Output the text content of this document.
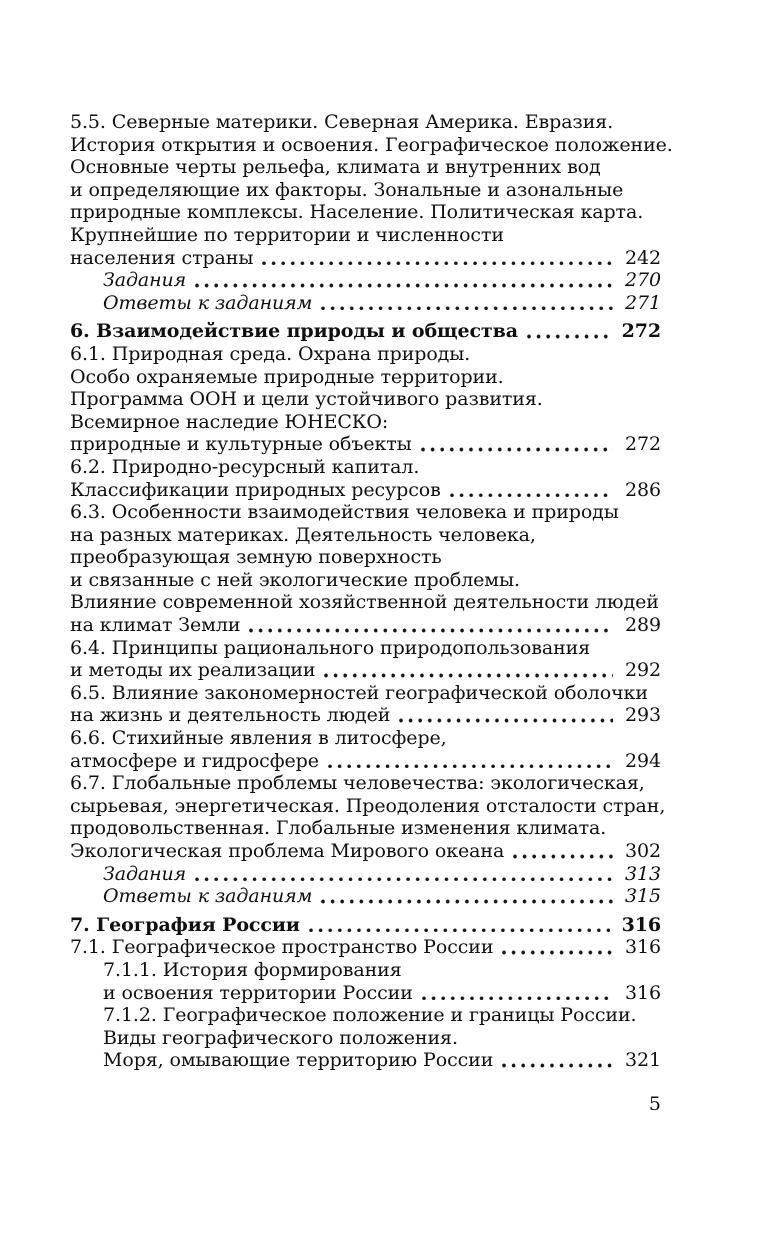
5.5. Северные материки. Северная Америка. Евразия.
История открытия и освоения. Географическое положение.
Основные черты рельефа, климата и внутренних вод
и определяющие их факторы. Зональные и азональные
природные комплексы. Население. Политическая карта.
Крупнейшие по территории и численности
населения страны	242
Задания	270
Ответы к заданиям	271
6. Взаимодействие природы и общества	272
6.1. Природная среда. Охрана природы.
Особо охраняемые природные территории.
Программа ООН и цели устойчивого развития.
Всемирное наследие ЮНЕСКО:
природные и культурные объекты	272
6.2. Природно-ресурсный капитал.
Классификации природных ресурсов	286
6.3. Особенности взаимодействия человека и природы
на разных материках. Деятельность человека,
преобразующая земную поверхность
и связанные с ней экологические проблемы.
Влияние современной хозяйственной деятельности людей
на климат Земли	289
6.4. Принципы рационального природопользования
и методы их реализации	292
6.5. Влияние закономерностей географической оболочки
на жизнь и деятельность людей	293
6.6. Стихийные явления в литосфере,
атмосфере и гидросфере	294
6.7. Глобальные проблемы человечества: экологическая,
сырьевая, энергетическая. Преодоления отсталости стран,
продовольственная. Глобальные изменения климата.
Экологическая проблема Мирового океана	302
Задания	313
Ответы к заданиям	315
7. География России	316
7.1. Географическое пространство России	316
7.1.1. История формирования
и освоения территории России	316
7.1.2. Географическое положение и границы России.
Виды географического положения.
Моря, омывающие территорию России	321
5
